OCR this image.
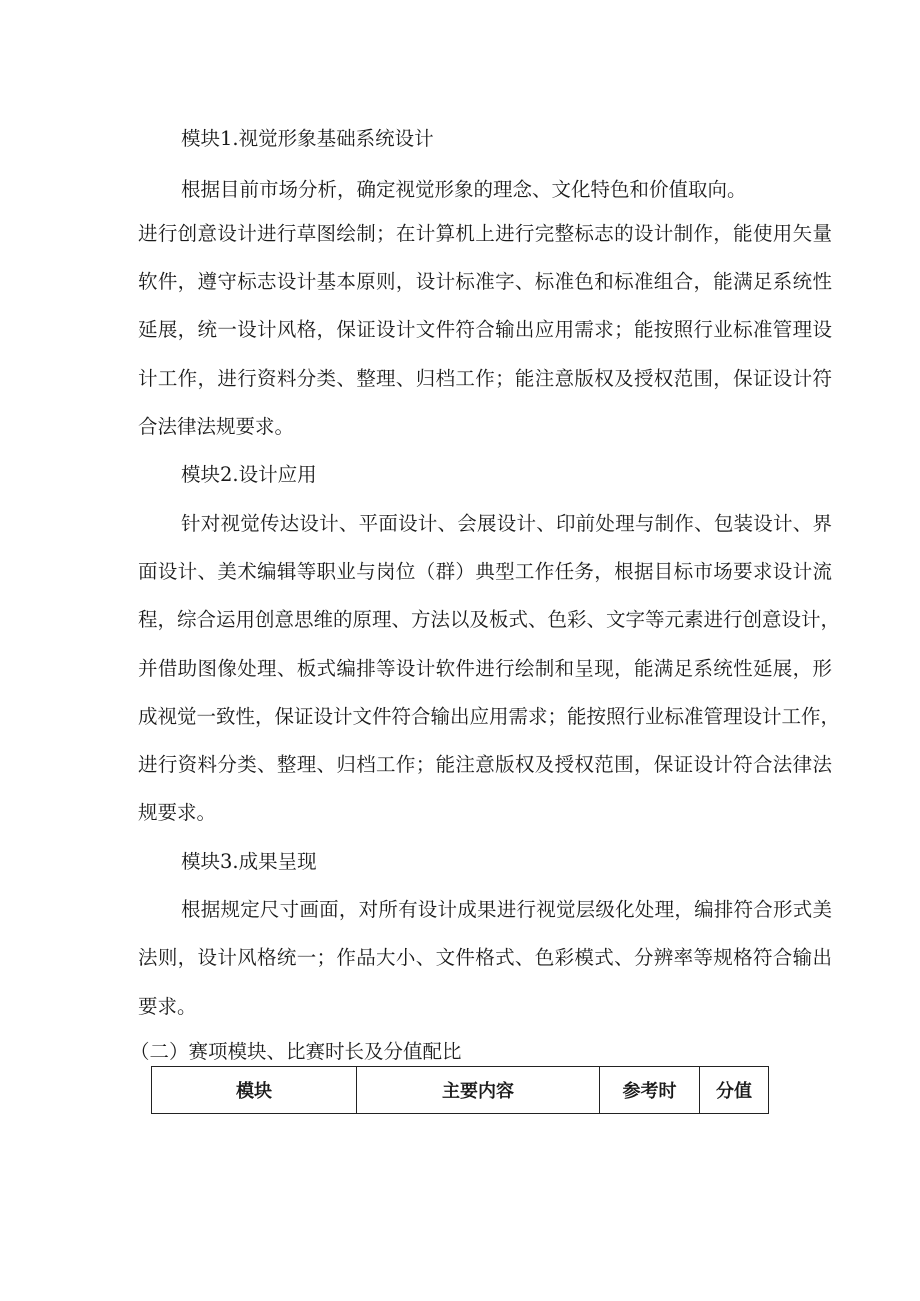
模块1.视觉形象基础系统设计
根据目前市场分析，确定视觉形象的理念、文化特色和价值取向。
进行创意设计进行草图绘制；在计算机上进行完整标志的设计制作，能使用矢量
软件，遵守标志设计基本原则，设计标准字、标准色和标准组合，能满足系统性
延展，统一设计风格，保证设计文件符合输出应用需求；能按照行业标准管理设
计工作，进行资料分类、整理、归档工作；能注意版权及授权范围，保证设计符
合法律法规要求。
模块2.设计应用
针对视觉传达设计、平面设计、会展设计、印前处理与制作、包装设计、界
面设计、美术编辑等职业与岗位（群）典型工作任务，根据目标市场要求设计流
程，综合运用创意思维的原理、方法以及板式、色彩、文字等元素进行创意设计，
并借助图像处理、板式编排等设计软件进行绘制和呈现，能满足系统性延展，形
成视觉一致性，保证设计文件符合输出应用需求；能按照行业标准管理设计工作，
进行资料分类、整理、归档工作；能注意版权及授权范围，保证设计符合法律法
规要求。
模块3.成果呈现
根据规定尺寸画面，对所有设计成果进行视觉层级化处理，编排符合形式美
法则，设计风格统一；作品大小、文件格式、色彩模式、分辨率等规格符合输出
要求。
（二）赛项模块、比赛时长及分值配比
模块	主要内容	参考时	分值
